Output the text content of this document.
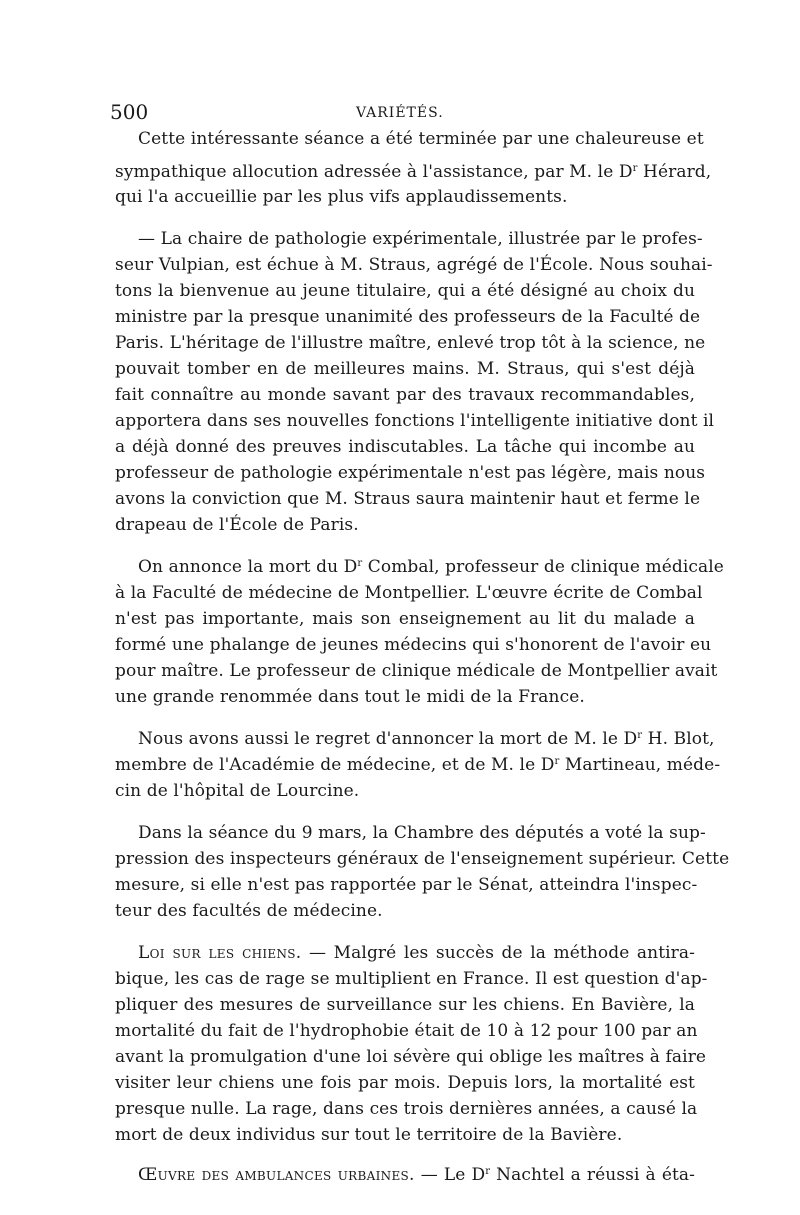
500	VARIÉTÉS.
Cette intéressante séance a été terminée par une chaleureuse et
sympathique allocution adressée à l'assistance, par M. le $D^r$ Hérard,
qui l'a accueillie par les plus vifs applaudissements.
— La chaire de pathologie expérimentale, illustrée par le profes-
seur Vulpian, est échue à M. Straus, agrégé de l'École. Nous souhai-
tons la bienvenue au jeune titulaire, qui a été désigné au choix du
ministre par la presque unanimité des professeurs de la Faculté de
Paris. L'héritage de l'illustre maître, enlevé trop tôt à la science, ne
pouvait tomber en de meilleures mains. M. Straus, qui s'est déjà
fait connaître au monde savant par des travaux recommandables,
apportera dans ses nouvelles fonctions l'intelligente initiative dont il
a déjà donné des preuves indiscutables. La tâche qui incombe au
professeur de pathologie expérimentale n'est pas légère, mais nous
avons la conviction que M. Straus saura maintenir haut et ferme le
drapeau de l'École de Paris.
On annonce la mort du $D^r$ Combal, professeur de clinique médicale
à la Faculté de médecine de Montpellier. L'œuvre écrite de Combal
n'est pas importante, mais son enseignement au lit du malade a
formé une phalange de jeunes médecins qui s'honorent de l'avoir eu
pour maître. Le professeur de clinique médicale de Montpellier avait
une grande renommée dans tout le midi de la France.
Nous avons aussi le regret d'annoncer la mort de M. le $D^r$ H. Blot,
membre de l'Académie de médecine, et de M. le $D^r$ Martineau, méde-
cin de l'hôpital de Lourcine.
Dans la séance du 9 mars, la Chambre des députés a voté la sup-
pression des inspecteurs généraux de l'enseignement supérieur. Cette
mesure, si elle n'est pas rapportée par le Sénat, atteindra l'inspec-
teur des facultés de médecine.
Loi sur les chiens. — Malgré les succès de la méthode antira-
bique, les cas de rage se multiplient en France. Il est question d'ap-
pliquer des mesures de surveillance sur les chiens. En Bavière, la
mortalité du fait de l'hydrophobie était de 10 à 12 pour 100 par an
avant la promulgation d'une loi sévère qui oblige les maîtres à faire
visiter leur chiens une fois par mois. Depuis lors, la mortalité est
presque nulle. La rage, dans ces trois dernières années, a causé la
mort de deux individus sur tout le territoire de la Bavière.
Œuvre des ambulances urbaines. — Le $D^r$ Nachtel a réussi à éta-
